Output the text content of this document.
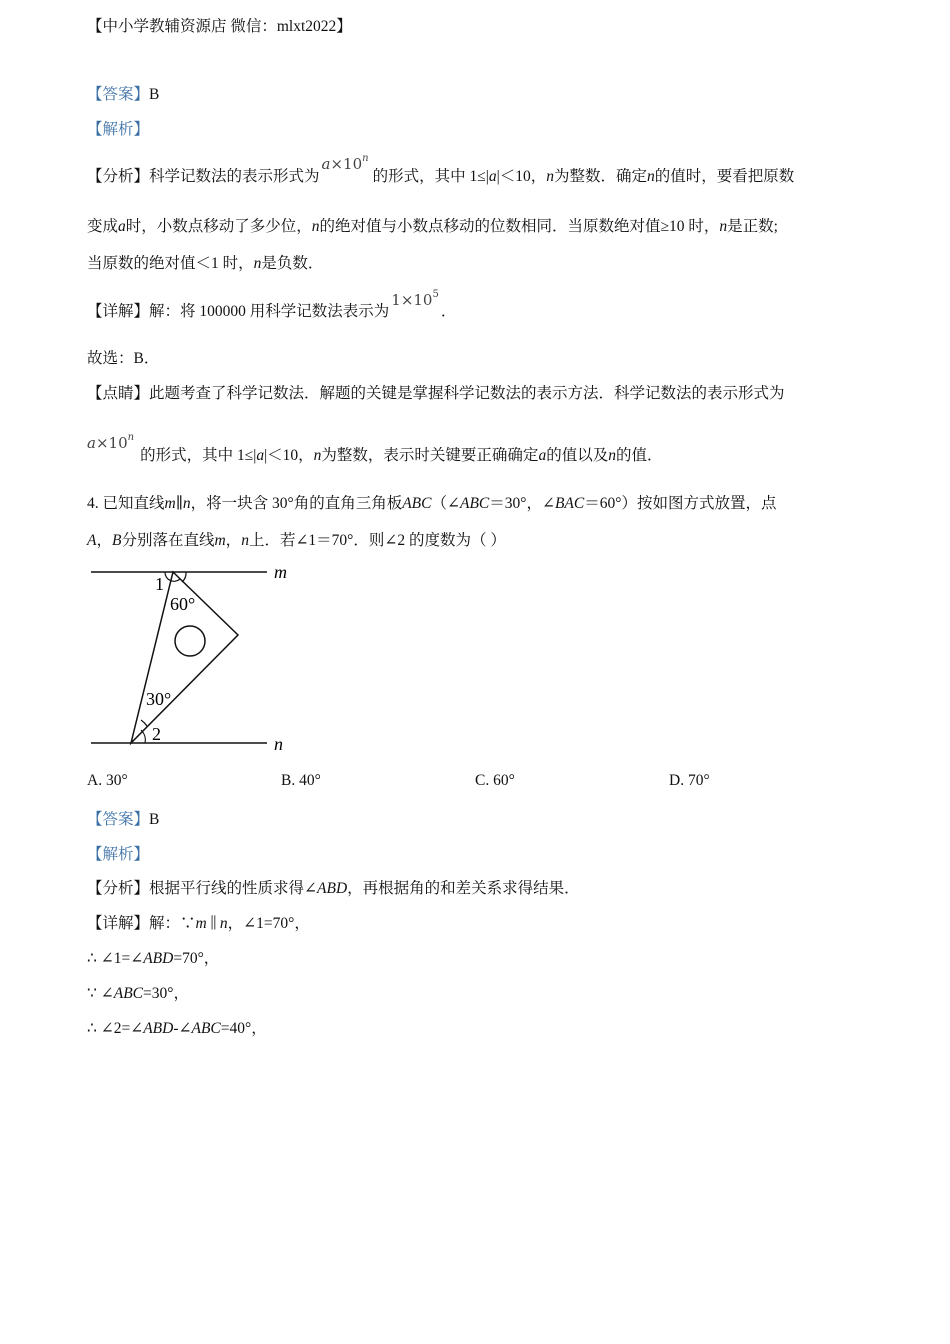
【中小学教辅资源店 微信：mlxt2022】
【答案】B
【解析】
【分析】科学记数法的表示形式为$a\times 10^n$的形式，其中 1≤|a|＜10，n为整数．确定n的值时，要看把原数
变成a时，小数点移动了多少位，n的绝对值与小数点移动的位数相同．当原数绝对值≥10 时，n是正数;
当原数的绝对值＜1 时，n是负数．
【详解】解：将 100000 用科学记数法表示为$1\times 10^5$．
故选：B．
【点睛】此题考查了科学记数法．解题的关键是掌握科学记数法的表示方法．科学记数法的表示形式为
$a\times 10^n$的形式，其中 1≤|a|＜10，n为整数，表示时关键要正确确定a的值以及n的值．
4. 已知直线m∥n，将一块含 30°角的直角三角板ABC（∠ABC＝30°，∠BAC＝60°）按如图方式放置，点
A，B分别落在直线m，n上．若∠1＝70°．则∠2 的度数为（ ）
1
60°
30°
2
m
n
A. 30°	B. 40°	C. 60°	D. 70°
【答案】B
【解析】
【分析】根据平行线的性质求得∠ABD，再根据角的和差关系求得结果．
【详解】解：∵m ∥ n，∠1=70°，
∴ ∠1=∠ABD=70°，
∵ ∠ABC=30°，
∴ ∠2=∠ABD-∠ABC=40°，
